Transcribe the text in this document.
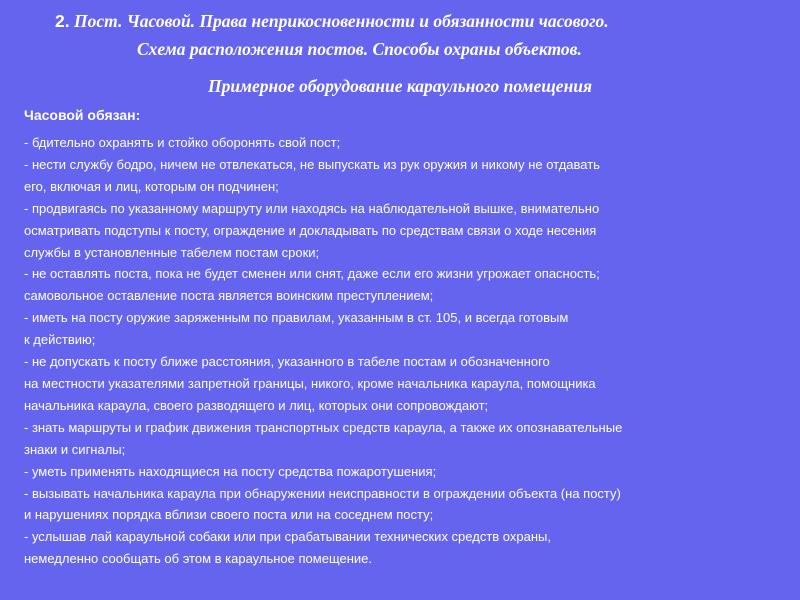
2. Пост. Часовой. Права неприкосновенности и обязанности часового.
Схема расположения постов. Способы охраны объектов.
Примерное оборудование караульного помещения
Часовой обязан:
- бдительно охранять и стойко оборонять свой пост;
- нести службу бодро, ничем не отвлекаться, не выпускать из рук оружия и никому не отдавать
его, включая и лиц, которым он подчинен;
- продвигаясь по указанному маршруту или находясь на наблюдательной вышке, внимательно
осматривать подступы к посту, ограждение и докладывать по средствам связи о ходе несения
службы в установленные табелем постам сроки;
- не оставлять поста, пока не будет сменен или снят, даже если его жизни угрожает опасность;
самовольное оставление поста является воинским преступлением;
- иметь на посту оружие заряженным по правилам, указанным в ст. 105, и всегда готовым
к действию;
- не допускать к посту ближе расстояния, указанного в табеле постам и обозначенного
на местности указателями запретной границы, никого, кроме начальника караула, помощника
начальника караула, своего разводящего и лиц, которых они сопровождают;
- знать маршруты и график движения транспортных средств караула, а также их опознавательные
знаки и сигналы;
- уметь применять находящиеся на посту средства пожаротушения;
- вызывать начальника караула при обнаружении неисправности в ограждении объекта (на посту)
и нарушениях порядка вблизи своего поста или на соседнем посту;
- услышав лай караульной собаки или при срабатывании технических средств охраны,
немедленно сообщать об этом в караульное помещение.
